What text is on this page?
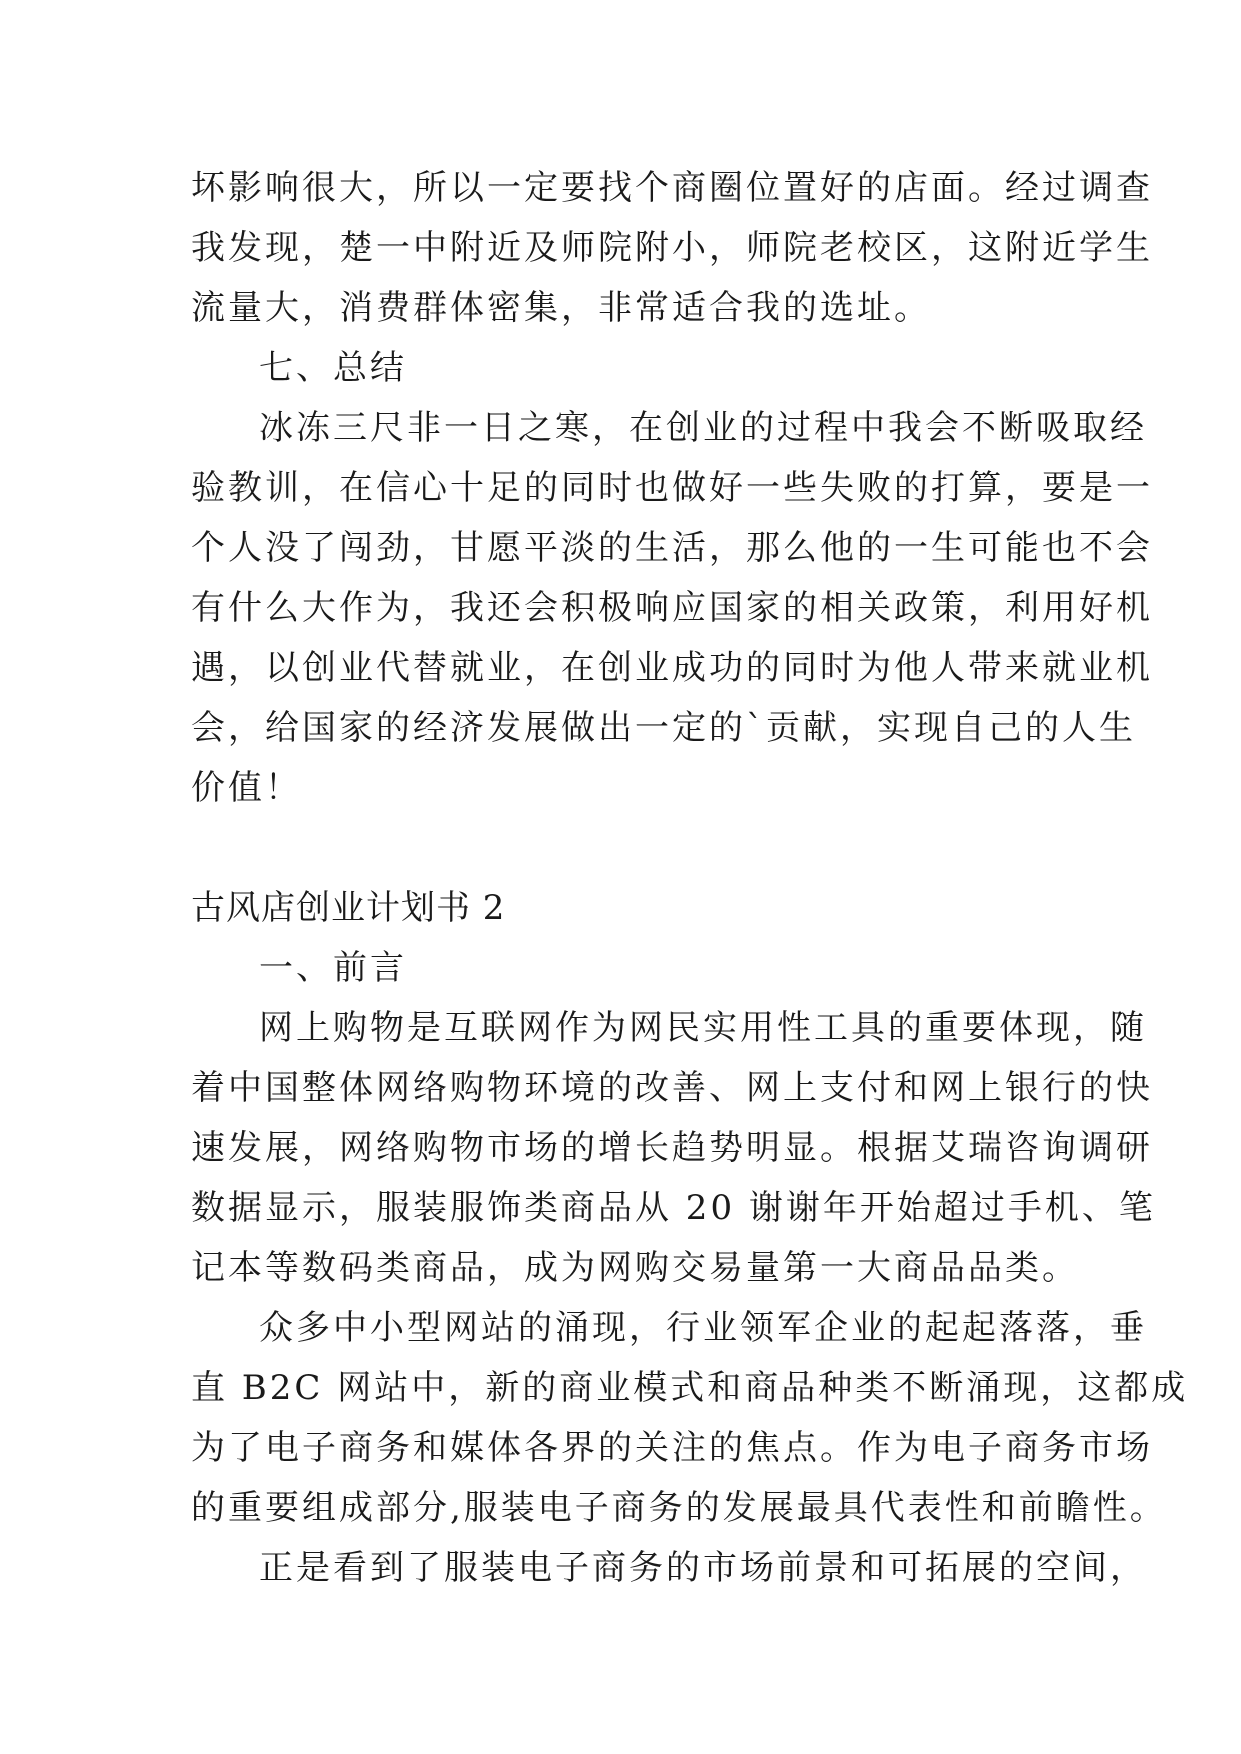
坏影响很大，所以一定要找个商圈位置好的店面。经过调查
我发现，楚一中附近及师院附小，师院老校区，这附近学生
流量大，消费群体密集，非常适合我的选址。
七、总结
冰冻三尺非一日之寒，在创业的过程中我会不断吸取经
验教训，在信心十足的同时也做好一些失败的打算，要是一
个人没了闯劲，甘愿平淡的生活，那么他的一生可能也不会
有什么大作为，我还会积极响应国家的相关政策，利用好机
遇，以创业代替就业，在创业成功的同时为他人带来就业机
会，给国家的经济发展做出一定的`贡献，实现自己的人生
价值！
古风店创业计划书 2
一、前言
网上购物是互联网作为网民实用性工具的重要体现，随
着中国整体网络购物环境的改善、网上支付和网上银行的快
速发展，网络购物市场的增长趋势明显。根据艾瑞咨询调研
数据显示，服装服饰类商品从 20 谢谢年开始超过手机、笔
记本等数码类商品，成为网购交易量第一大商品品类。
众多中小型网站的涌现，行业领军企业的起起落落，垂
直 B2C 网站中，新的商业模式和商品种类不断涌现，这都成
为了电子商务和媒体各界的关注的焦点。作为电子商务市场
的重要组成部分,服装电子商务的发展最具代表性和前瞻性。
正是看到了服装电子商务的市场前景和可拓展的空间，
